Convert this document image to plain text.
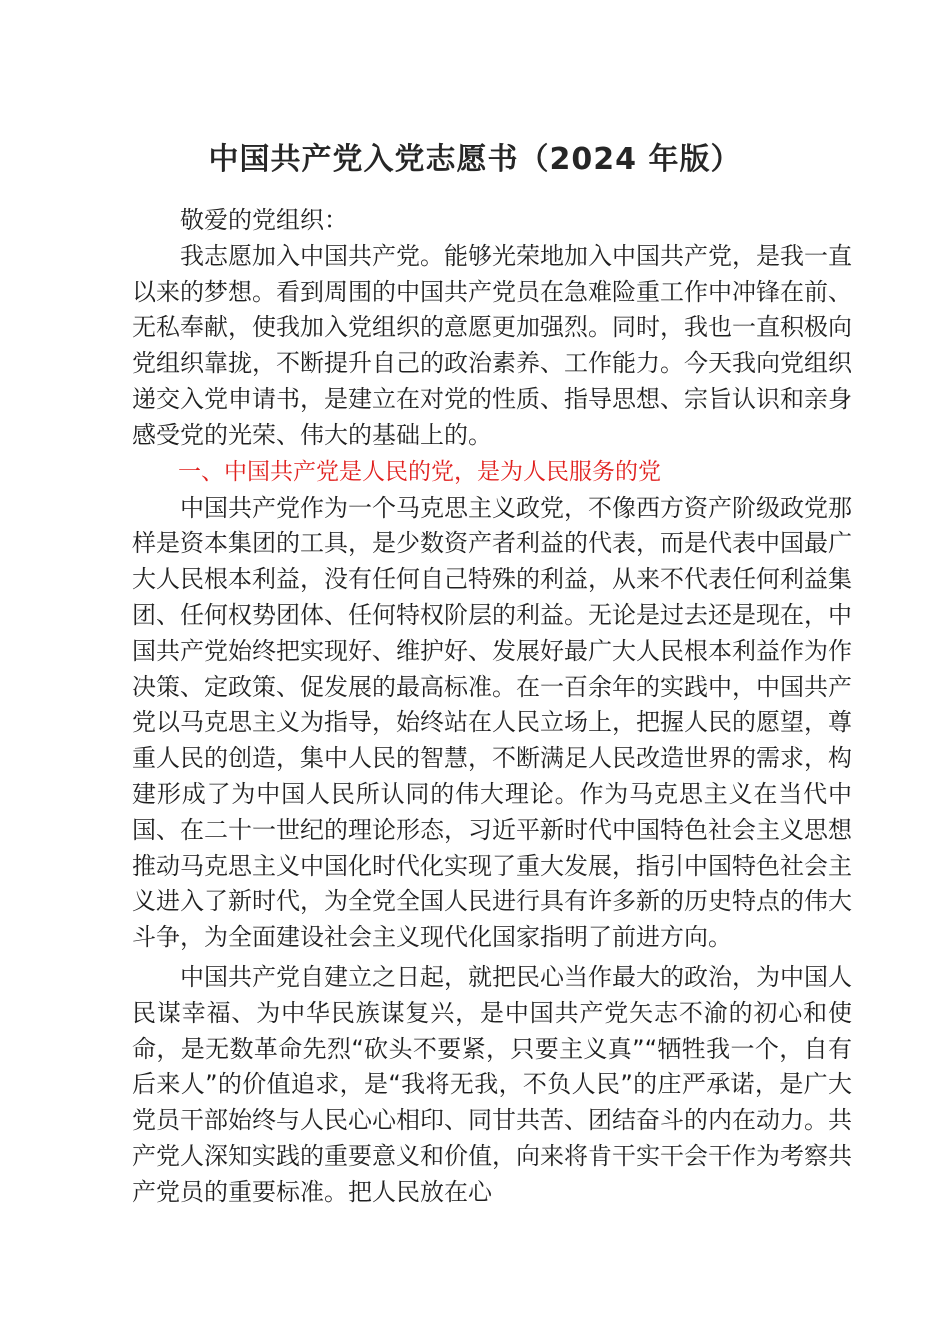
中国共产党入党志愿书（2024 年版）

敬爱的党组织：

我志愿加入中国共产党。能够光荣地加入中国共产党，是我一直以来的梦想。看到周围的中国共产党员在急难险重工作中冲锋在前、无私奉献，使我加入党组织的意愿更加强烈。同时，我也一直积极向党组织靠拢，不断提升自己的政治素养、工作能力。今天我向党组织递交入党申请书，是建立在对党的性质、指导思想、宗旨认识和亲身感受党的光荣、伟大的基础上的。

一、中国共产党是人民的党，是为人民服务的党

中国共产党作为一个马克思主义政党，不像西方资产阶级政党那样是资本集团的工具，是少数资产者利益的代表，而是代表中国最广大人民根本利益，没有任何自己特殊的利益，从来不代表任何利益集团、任何权势团体、任何特权阶层的利益。无论是过去还是现在，中国共产党始终把实现好、维护好、发展好最广大人民根本利益作为作决策、定政策、促发展的最高标准。在一百余年的实践中，中国共产党以马克思主义为指导，始终站在人民立场上，把握人民的愿望，尊重人民的创造，集中人民的智慧，不断满足人民改造世界的需求，构建形成了为中国人民所认同的伟大理论。作为马克思主义在当代中国、在二十一世纪的理论形态，习近平新时代中国特色社会主义思想推动马克思主义中国化时代化实现了重大发展，指引中国特色社会主义进入了新时代，为全党全国人民进行具有许多新的历史特点的伟大斗争，为全面建设社会主义现代化国家指明了前进方向。

中国共产党自建立之日起，就把民心当作最大的政治，为中国人民谋幸福、为中华民族谋复兴，是中国共产党矢志不渝的初心和使命，是无数革命先烈“砍头不要紧，只要主义真”“牺牲我一个，自有后来人”的价值追求，是“我将无我，不负人民”的庄严承诺，是广大党员干部始终与人民心心相印、同甘共苦、团结奋斗的内在动力。共产党人深知实践的重要意义和价值，向来将肯干实干会干作为考察共产党员的重要标准。把人民放在心
